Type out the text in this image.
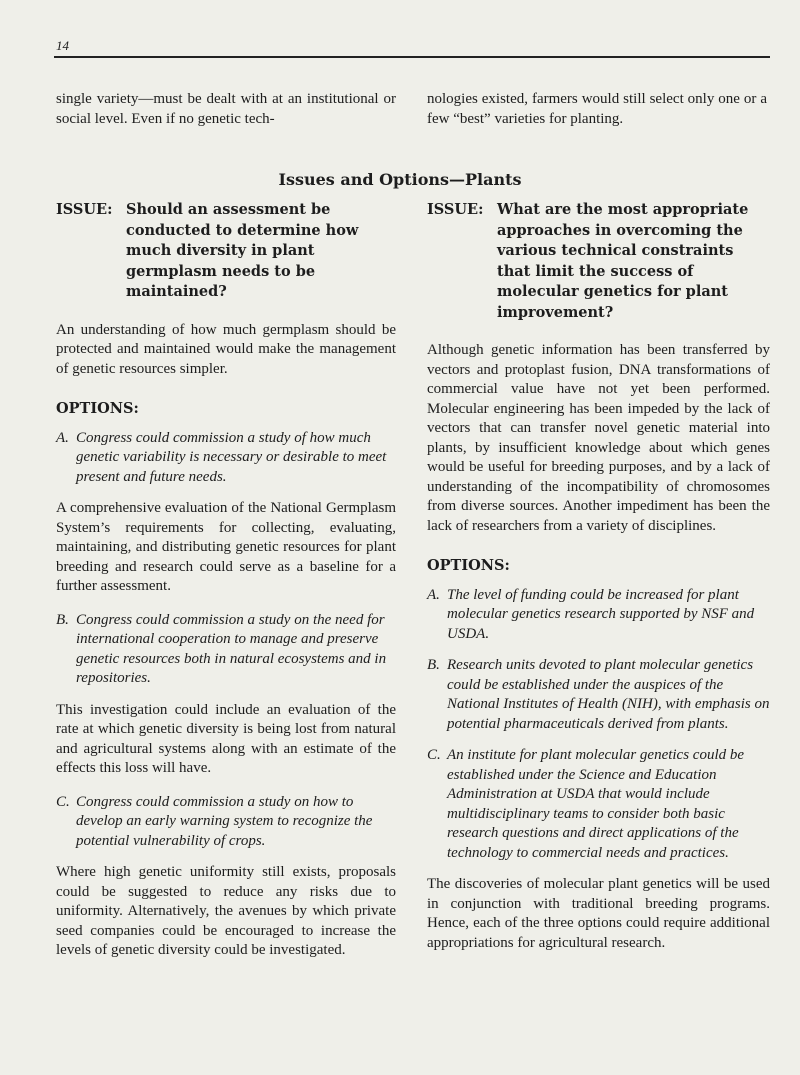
14

single variety—must be dealt with at an institutional or social level. Even if no genetic tech-

nologies existed, farmers would still select only one or a few “best” varieties for planting.

Issues and Options—Plants
ISSUE: Should an assessment be conducted to determine how much diversity in plant germplasm needs to be maintained?

An understanding of how much germplasm should be protected and maintained would make the management of genetic resources simpler.

OPTIONS:
A. Congress could commission a study of how much genetic variability is necessary or desirable to meet present and future needs.

A comprehensive evaluation of the National Germplasm System’s requirements for collecting, evaluating, maintaining, and distributing genetic resources for plant breeding and research could serve as a baseline for a further assessment.

B. Congress could commission a study on the need for international cooperation to manage and preserve genetic resources both in natural ecosystems and in repositories.

This investigation could include an evaluation of the rate at which genetic diversity is being lost from natural and agricultural systems along with an estimate of the effects this loss will have.

C. Congress could commission a study on how to develop an early warning system to recognize the potential vulnerability of crops.

Where high genetic uniformity still exists, proposals could be suggested to reduce any risks due to uniformity. Alternatively, the avenues by which private seed companies could be encouraged to increase the levels of genetic diversity could be investigated.

ISSUE: What are the most appropriate approaches in overcoming the various technical constraints that limit the success of molecular genetics for plant improvement?

Although genetic information has been transferred by vectors and protoplast fusion, DNA transformations of commercial value have not yet been performed. Molecular engineering has been impeded by the lack of vectors that can transfer novel genetic material into plants, by insufficient knowledge about which genes would be useful for breeding purposes, and by a lack of understanding of the incompatibility of chromosomes from diverse sources. Another impediment has been the lack of researchers from a variety of disciplines.

OPTIONS:
A. The level of funding could be increased for plant molecular genetics research supported by NSF and USDA.
B. Research units devoted to plant molecular genetics could be established under the auspices of the National Institutes of Health (NIH), with emphasis on potential pharmaceuticals derived from plants.
C. An institute for plant molecular genetics could be established under the Science and Education Administration at USDA that would include multidisciplinary teams to consider both basic research questions and direct applications of the technology to commercial needs and practices.

The discoveries of molecular plant genetics will be used in conjunction with traditional breeding programs. Hence, each of the three options could require additional appropriations for agricultural research.
